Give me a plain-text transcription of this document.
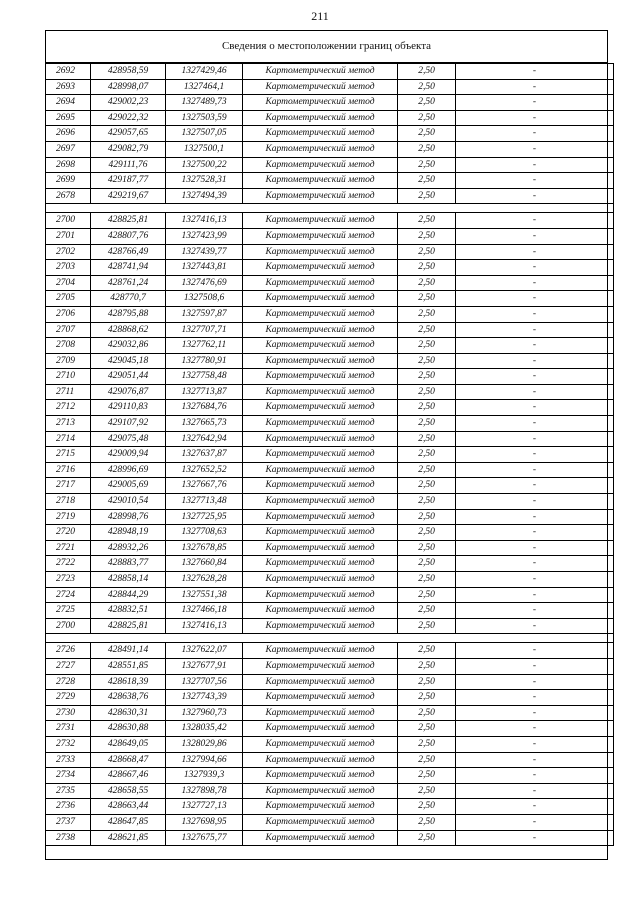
211
Сведения о местоположении границ объекта
2692	428958,59	1327429,46	Картометрический метод	2,50	-
2693	428998,07	1327464,1	Картометрический метод	2,50	-
2694	429002,23	1327489,73	Картометрический метод	2,50	-
2695	429022,32	1327503,59	Картометрический метод	2,50	-
2696	429057,65	1327507,05	Картометрический метод	2,50	-
2697	429082,79	1327500,1	Картометрический метод	2,50	-
2698	429111,76	1327500,22	Картометрический метод	2,50	-
2699	429187,77	1327528,31	Картометрический метод	2,50	-
2678	429219,67	1327494,39	Картометрический метод	2,50	-

2700	428825,81	1327416,13	Картометрический метод	2,50	-
2701	428807,76	1327423,99	Картометрический метод	2,50	-
2702	428766,49	1327439,77	Картометрический метод	2,50	-
2703	428741,94	1327443,81	Картометрический метод	2,50	-
2704	428761,24	1327476,69	Картометрический метод	2,50	-
2705	428770,7	1327508,6	Картометрический метод	2,50	-
2706	428795,88	1327597,87	Картометрический метод	2,50	-
2707	428868,62	1327707,71	Картометрический метод	2,50	-
2708	429032,86	1327762,11	Картометрический метод	2,50	-
2709	429045,18	1327780,91	Картометрический метод	2,50	-
2710	429051,44	1327758,48	Картометрический метод	2,50	-
2711	429076,87	1327713,87	Картометрический метод	2,50	-
2712	429110,83	1327684,76	Картометрический метод	2,50	-
2713	429107,92	1327665,73	Картометрический метод	2,50	-
2714	429075,48	1327642,94	Картометрический метод	2,50	-
2715	429009,94	1327637,87	Картометрический метод	2,50	-
2716	428996,69	1327652,52	Картометрический метод	2,50	-
2717	429005,69	1327667,76	Картометрический метод	2,50	-
2718	429010,54	1327713,48	Картометрический метод	2,50	-
2719	428998,76	1327725,95	Картометрический метод	2,50	-
2720	428948,19	1327708,63	Картометрический метод	2,50	-
2721	428932,26	1327678,85	Картометрический метод	2,50	-
2722	428883,77	1327660,84	Картометрический метод	2,50	-
2723	428858,14	1327628,28	Картометрический метод	2,50	-
2724	428844,29	1327551,38	Картометрический метод	2,50	-
2725	428832,51	1327466,18	Картометрический метод	2,50	-
2700	428825,81	1327416,13	Картометрический метод	2,50	-

2726	428491,14	1327622,07	Картометрический метод	2,50	-
2727	428551,85	1327677,91	Картометрический метод	2,50	-
2728	428618,39	1327707,56	Картометрический метод	2,50	-
2729	428638,76	1327743,39	Картометрический метод	2,50	-
2730	428630,31	1327960,73	Картометрический метод	2,50	-
2731	428630,88	1328035,42	Картометрический метод	2,50	-
2732	428649,05	1328029,86	Картометрический метод	2,50	-
2733	428668,47	1327994,66	Картометрический метод	2,50	-
2734	428667,46	1327939,3	Картометрический метод	2,50	-
2735	428658,55	1327898,78	Картометрический метод	2,50	-
2736	428663,44	1327727,13	Картометрический метод	2,50	-
2737	428647,85	1327698,95	Картометрический метод	2,50	-
2738	428621,85	1327675,77	Картометрический метод	2,50	-
